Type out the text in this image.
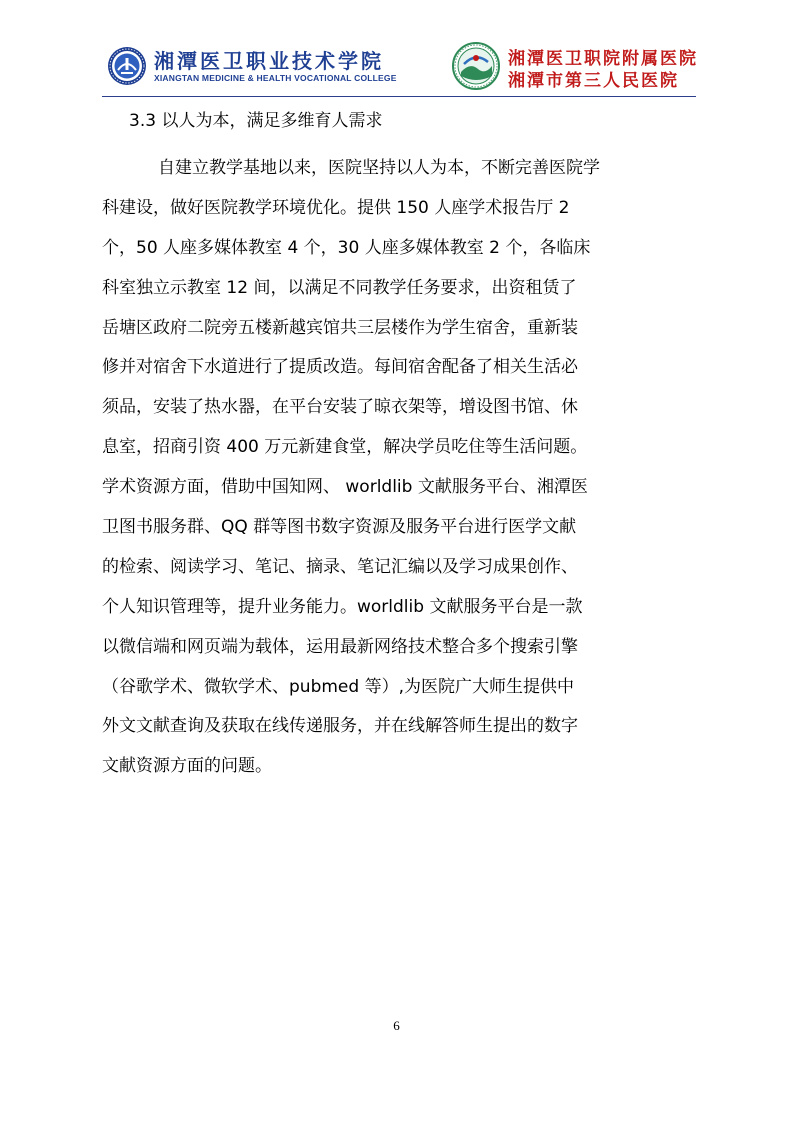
湘潭医卫职业技术学院
XIANGTAN MEDICINE & HEALTH VOCATIONAL COLLEGE
湘潭医卫职院附属医院
湘潭市第三人民医院
3.3 以人为本，满足多维育人需求
自建立教学基地以来，医院坚持以人为本，不断完善医院学
科建设，做好医院教学环境优化。提供 150 人座学术报告厅 2
个，50 人座多媒体教室 4 个，30 人座多媒体教室 2 个，各临床
科室独立示教室 12 间，以满足不同教学任务要求，出资租赁了
岳塘区政府二院旁五楼新越宾馆共三层楼作为学生宿舍，重新装
修并对宿舍下水道进行了提质改造。每间宿舍配备了相关生活必
须品，安装了热水器，在平台安装了晾衣架等，增设图书馆、休
息室，招商引资 400 万元新建食堂，解决学员吃住等生活问题。
学术资源方面，借助中国知网、 worldlib 文献服务平台、湘潭医
卫图书服务群、QQ 群等图书数字资源及服务平台进行医学文献
的检索、阅读学习、笔记、摘录、笔记汇编以及学习成果创作、
个人知识管理等，提升业务能力。worldlib 文献服务平台是一款
以微信端和网页端为载体，运用最新网络技术整合多个搜索引擎
（谷歌学术、微软学术、pubmed 等）,为医院广大师生提供中
外文文献查询及获取在线传递服务，并在线解答师生提出的数字
文献资源方面的问题。
6
